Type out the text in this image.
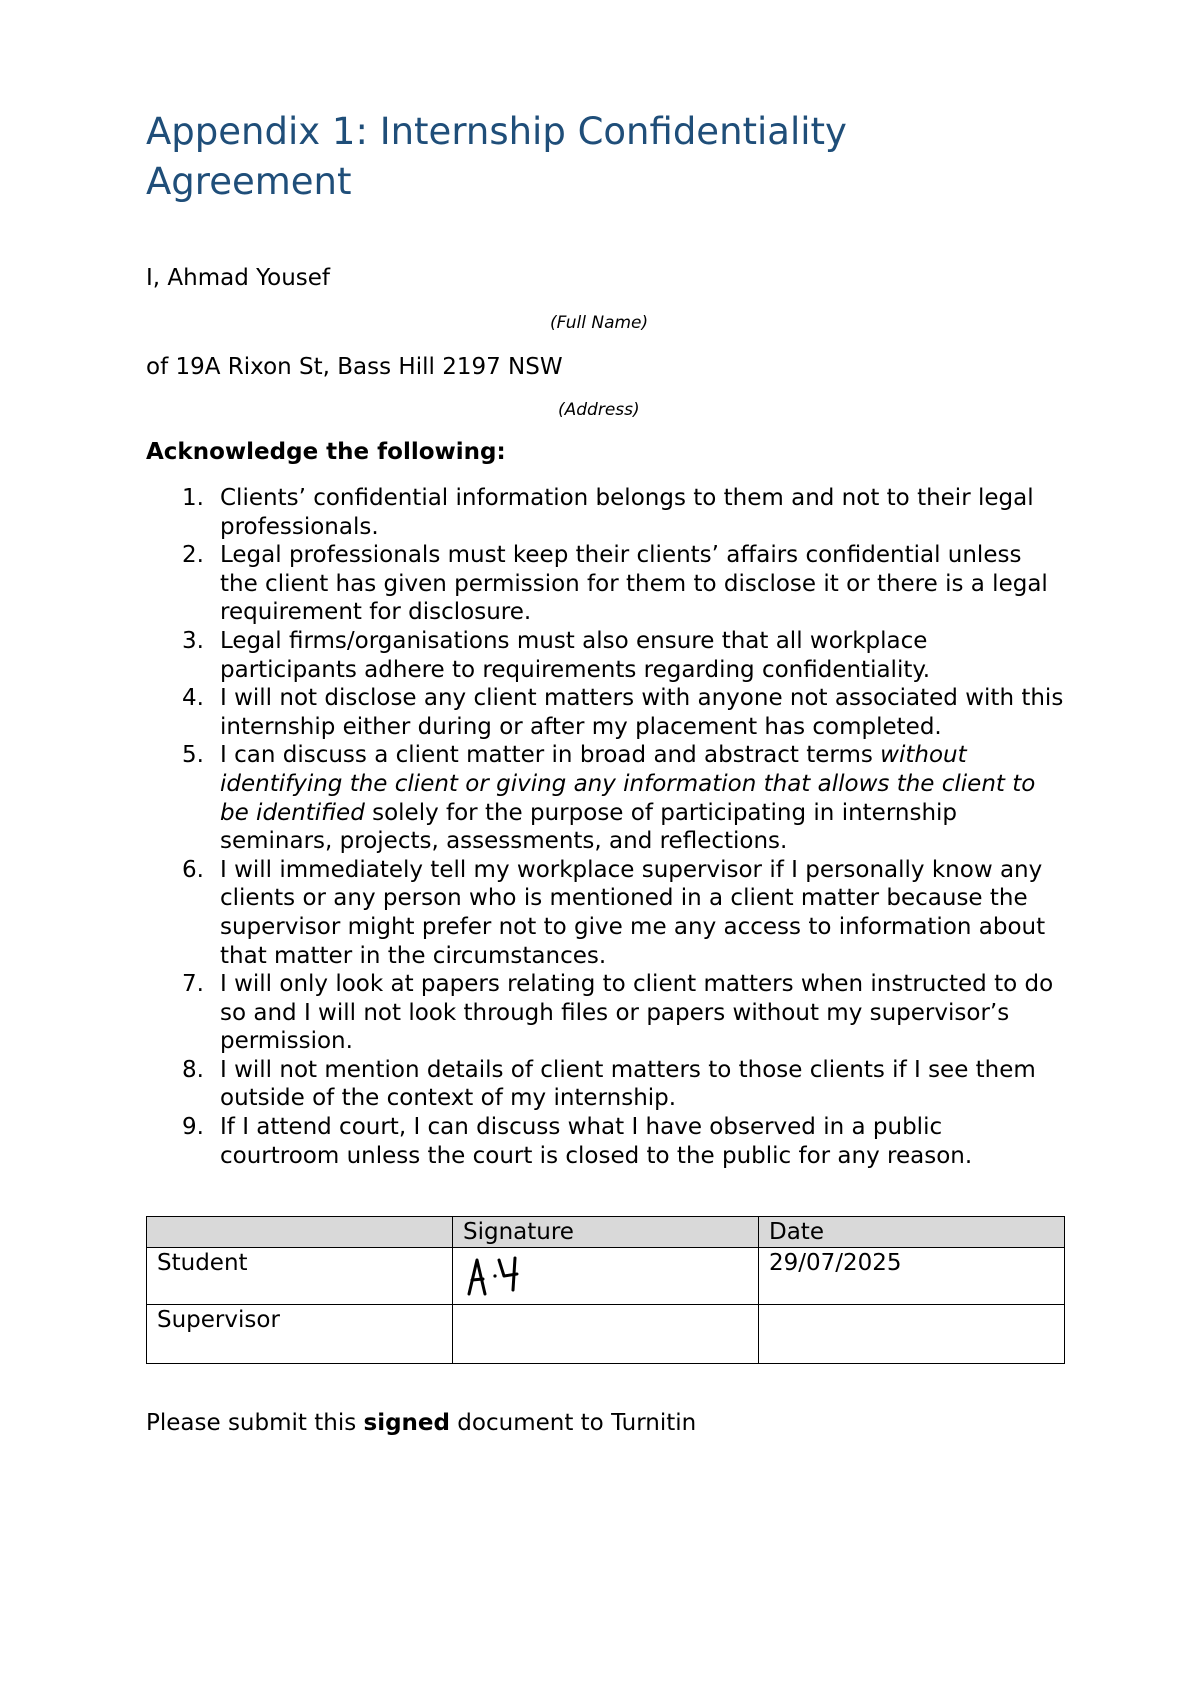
Appendix 1: Internship Confidentiality Agreement
I, Ahmad Yousef
(Full Name)
of 19A Rixon St, Bass Hill 2197 NSW
(Address)
Acknowledge the following:
1. Clients’ confidential information belongs to them and not to their legal professionals.
2. Legal professionals must keep their clients’ affairs confidential unless the client has given permission for them to disclose it or there is a legal requirement for disclosure.
3. Legal firms/organisations must also ensure that all workplace participants adhere to requirements regarding confidentiality.
4. I will not disclose any client matters with anyone not associated with this internship either during or after my placement has completed.
5. I can discuss a client matter in broad and abstract terms without identifying the client or giving any information that allows the client to be identified solely for the purpose of participating in internship seminars, projects, assessments, and reflections.
6. I will immediately tell my workplace supervisor if I personally know any clients or any person who is mentioned in a client matter because the supervisor might prefer not to give me any access to information about that matter in the circumstances.
7. I will only look at papers relating to client matters when instructed to do so and I will not look through files or papers without my supervisor’s permission.
8. I will not mention details of client matters to those clients if I see them outside of the context of my internship.
9. If I attend court, I can discuss what I have observed in a public courtroom unless the court is closed to the public for any reason.
	Signature	Date
Student		29/07/2025
Supervisor		
Please submit this signed document to Turnitin
